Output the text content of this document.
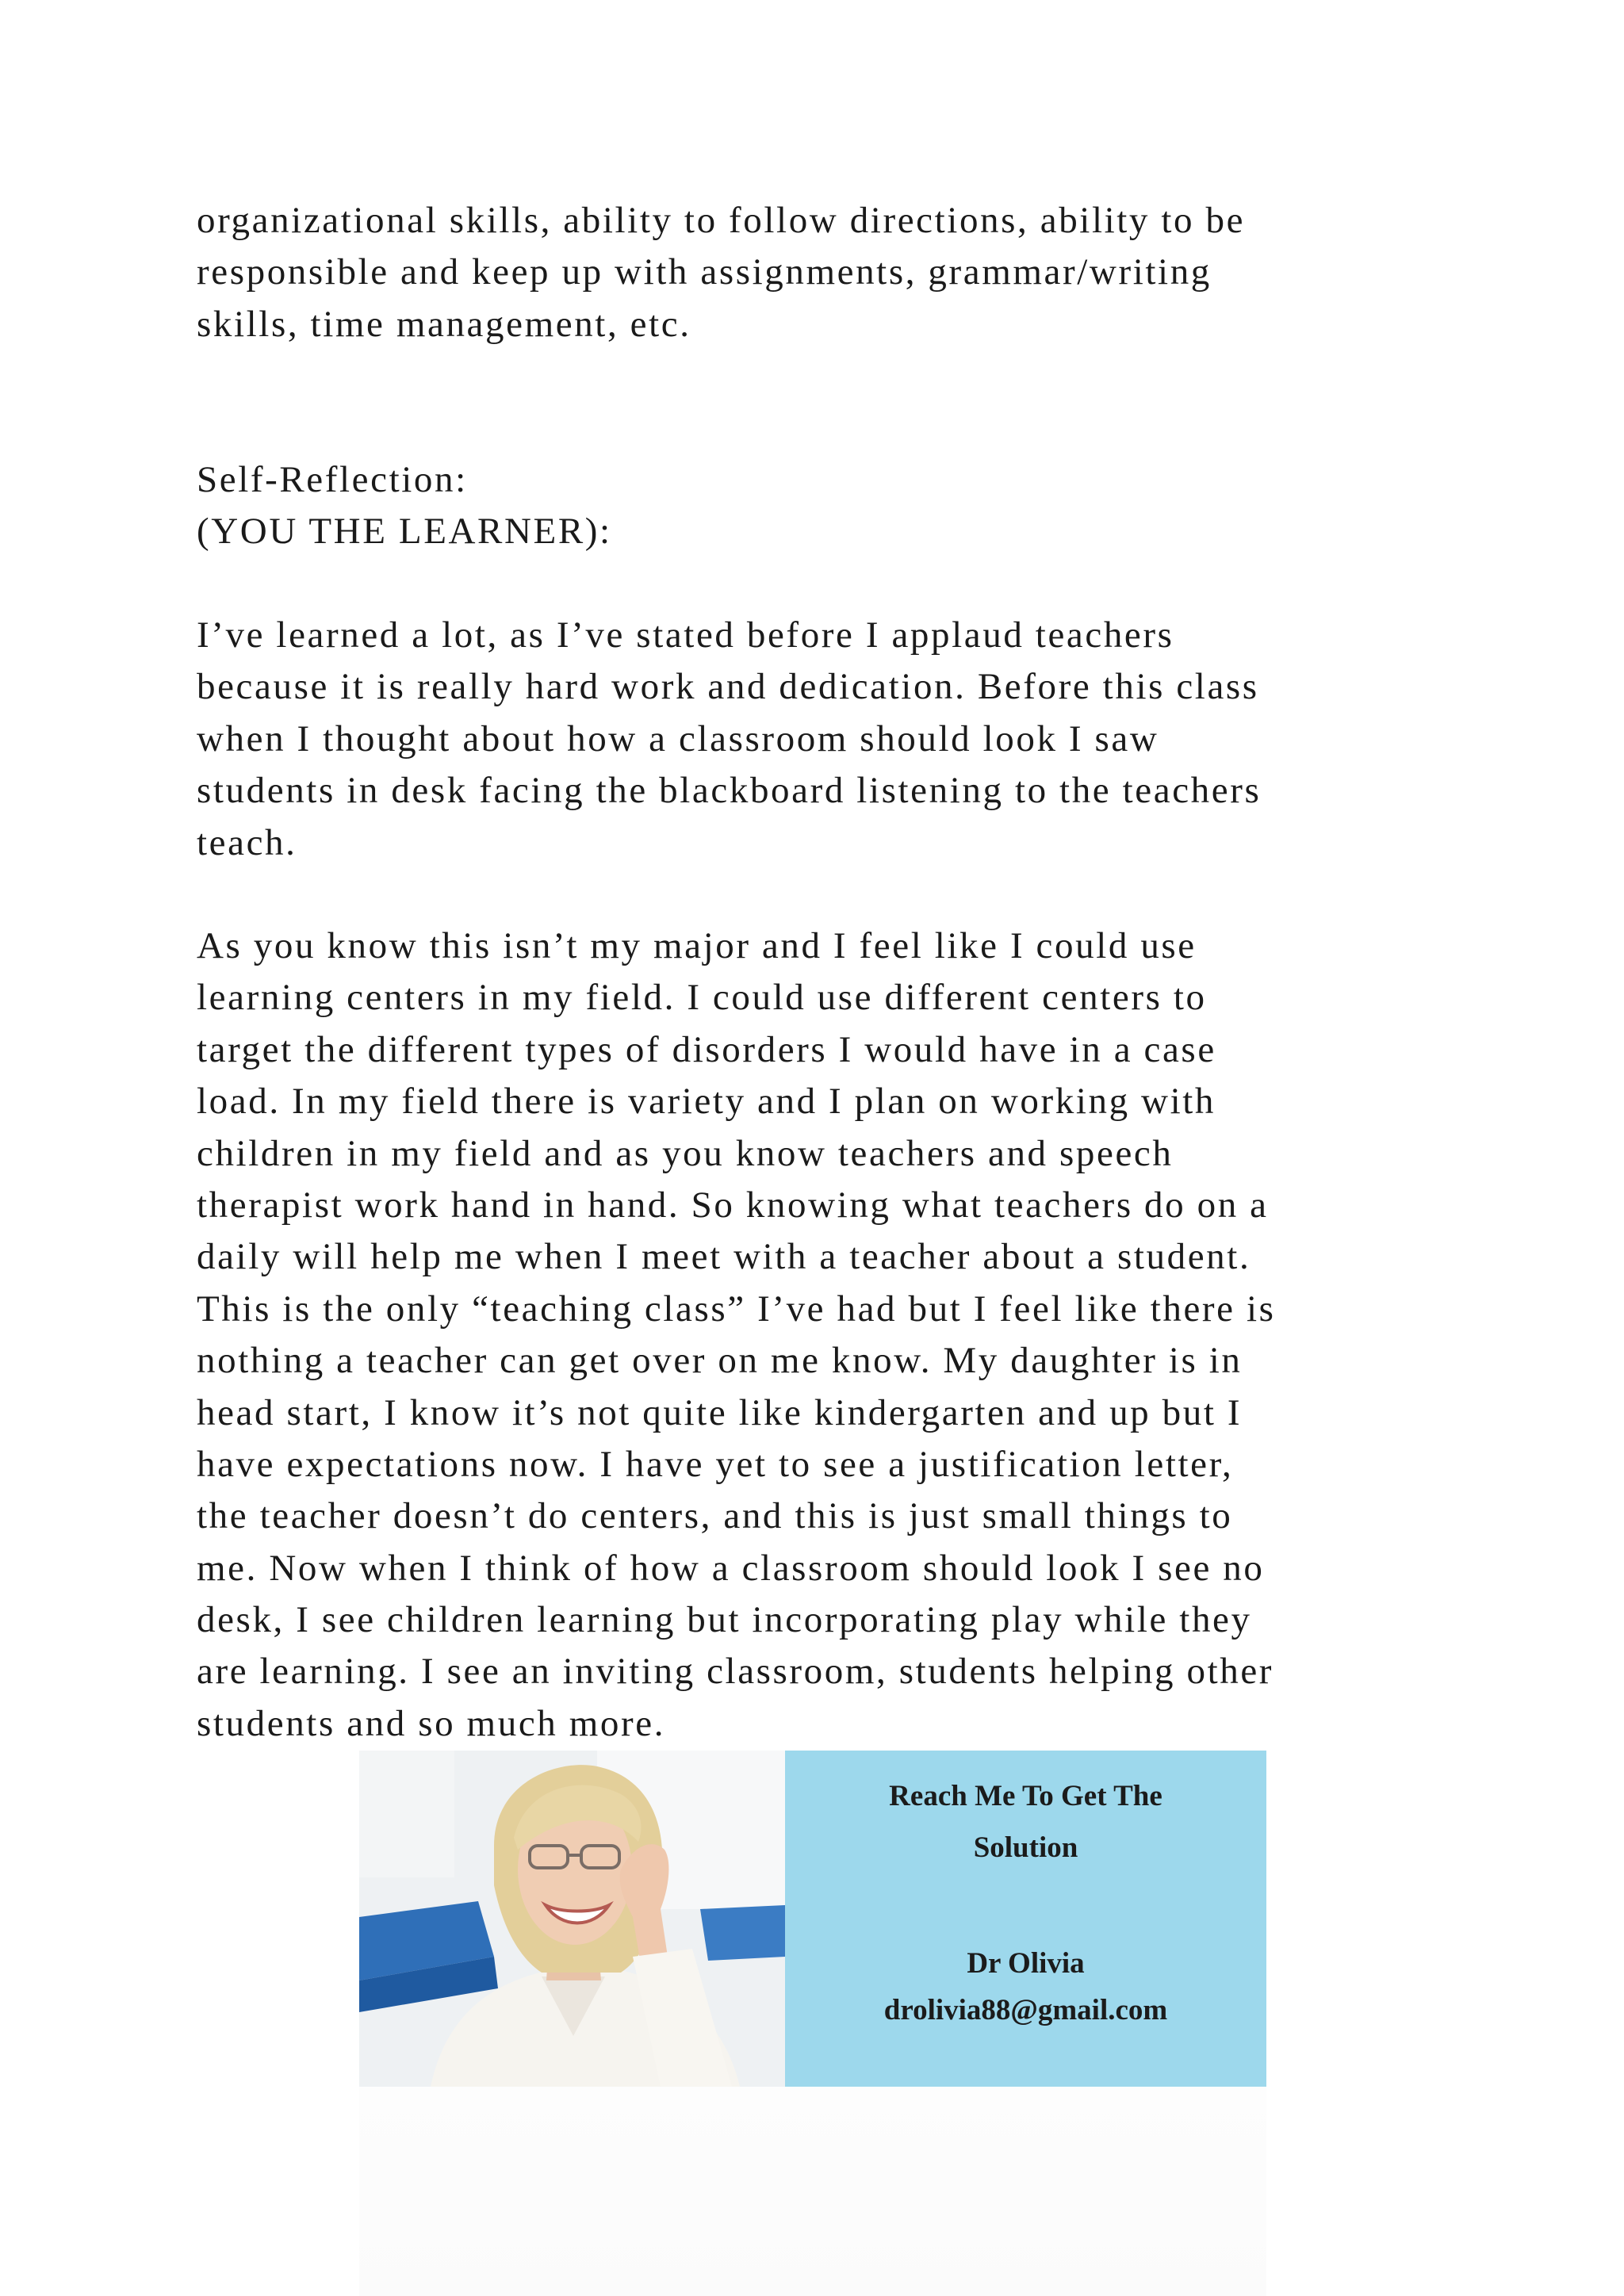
organizational skills, ability to follow directions, ability to be
responsible and keep up with assignments, grammar/writing
skills, time management, etc.
Self-Reflection:
(YOU THE LEARNER):
I’ve learned a lot, as I’ve stated before I applaud teachers
because it is really hard work and dedication. Before this class
when I thought about how a classroom should look I saw
students in desk facing the blackboard listening to the teachers
teach.
As you know this isn’t my major and I feel like I could use
learning centers in my field. I could use different centers to
target the different types of disorders I would have in a case
load. In my field there is variety and I plan on working with
children in my field and as you know teachers and speech
therapist work hand in hand. So knowing what teachers do on a
daily will help me when I meet with a teacher about a student.
This is the only “teaching class” I’ve had but I feel like there is
nothing a teacher can get over on me know. My daughter is in
head start, I know it’s not quite like kindergarten and up but I
have expectations now. I have yet to see a justification letter,
the teacher doesn’t do centers, and this is just small things to
me. Now when I think of how a classroom should look I see no
desk, I see children learning but incorporating play while they
are learning. I see an inviting classroom, students helping other
students and so much more.
Reach Me To Get The
Solution
Dr Olivia
drolivia88@gmail.com
